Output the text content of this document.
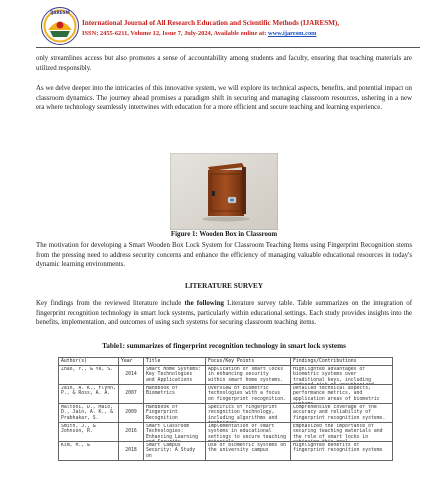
IJARESM
International Journal of All Research Education and Scientific Methods (IJARESM),
ISSN: 2455-6211, Volume 12, Issue 7, July-2024, Available online at: www.ijaresm.com

only streamlines access but also promotes a sense of accountability among students and faculty, ensuring that teaching materials are utilized responsibly.

As we delve deeper into the intricacies of this innovative system, we will explore its technical aspects, benefits, and potential impact on classroom dynamics. The journey ahead promises a paradigm shift in securing and managing classroom resources, ushering in a new era where technology seamlessly intertwines with education for a more efficient and secure teaching and learning experience.

Figure 1: Wooden Box in Classroom

The motivation for developing a Smart Wooden Box Lock System for Classroom Teaching Items using Fingerprint Recognition stems from the pressing need to address security concerns and enhance the efficiency of managing valuable educational resources in today's dynamic learning environments.

LITERATURE SURVEY

Key findings from the reviewed literature include the following Literature survey table. Table summarizes on the integration of fingerprint recognition technology in smart lock systems, particularly within educational settings. Each study provides insights into the benefits, implementation, and outcomes of using such systems for securing classroom teaching items.

Table1: summarizes of fingerprint recognition technology in smart lock systems
Author(s)	Year	Title	Focus/Key Points	Findings/Contributions

Zhao, Y., & Ye, S.	2014	Smart Home Systems: Key Technologies and Applications	Application of smart locks in enhancing security within smart home systems.	Highlighted advantages of biometric systems over traditional keys, including

Jain, A. K., Flynn, P., & Ross, A. A.	2007	Handbook of Biometrics	Overview of biometric technologies with a focus on fingerprint recognition.	Detailed technical aspects, performance metrics, and application areas of biometric

Maltoni, D., Maio, D., Jain, A. K., & Prabhakar, S.	2009	Handbook of Fingerprint Recognition	Specifics of fingerprint recognition technology, including algorithms and	Comprehensive coverage of the accuracy and reliability of fingerprint recognition systems.

Smith, J., & Johnson, R.	2016	Smart Classroom Technologies: Enhancing Learning	Implementation of smart systems in educational settings to secure teaching	Emphasized the importance of securing teaching materials and the role of smart locks in

Kim, H., &	2018	Smart Campus Security: A Study on	Use of biometric systems on the university campus	Highlighted benefits of fingerprint recognition systems
